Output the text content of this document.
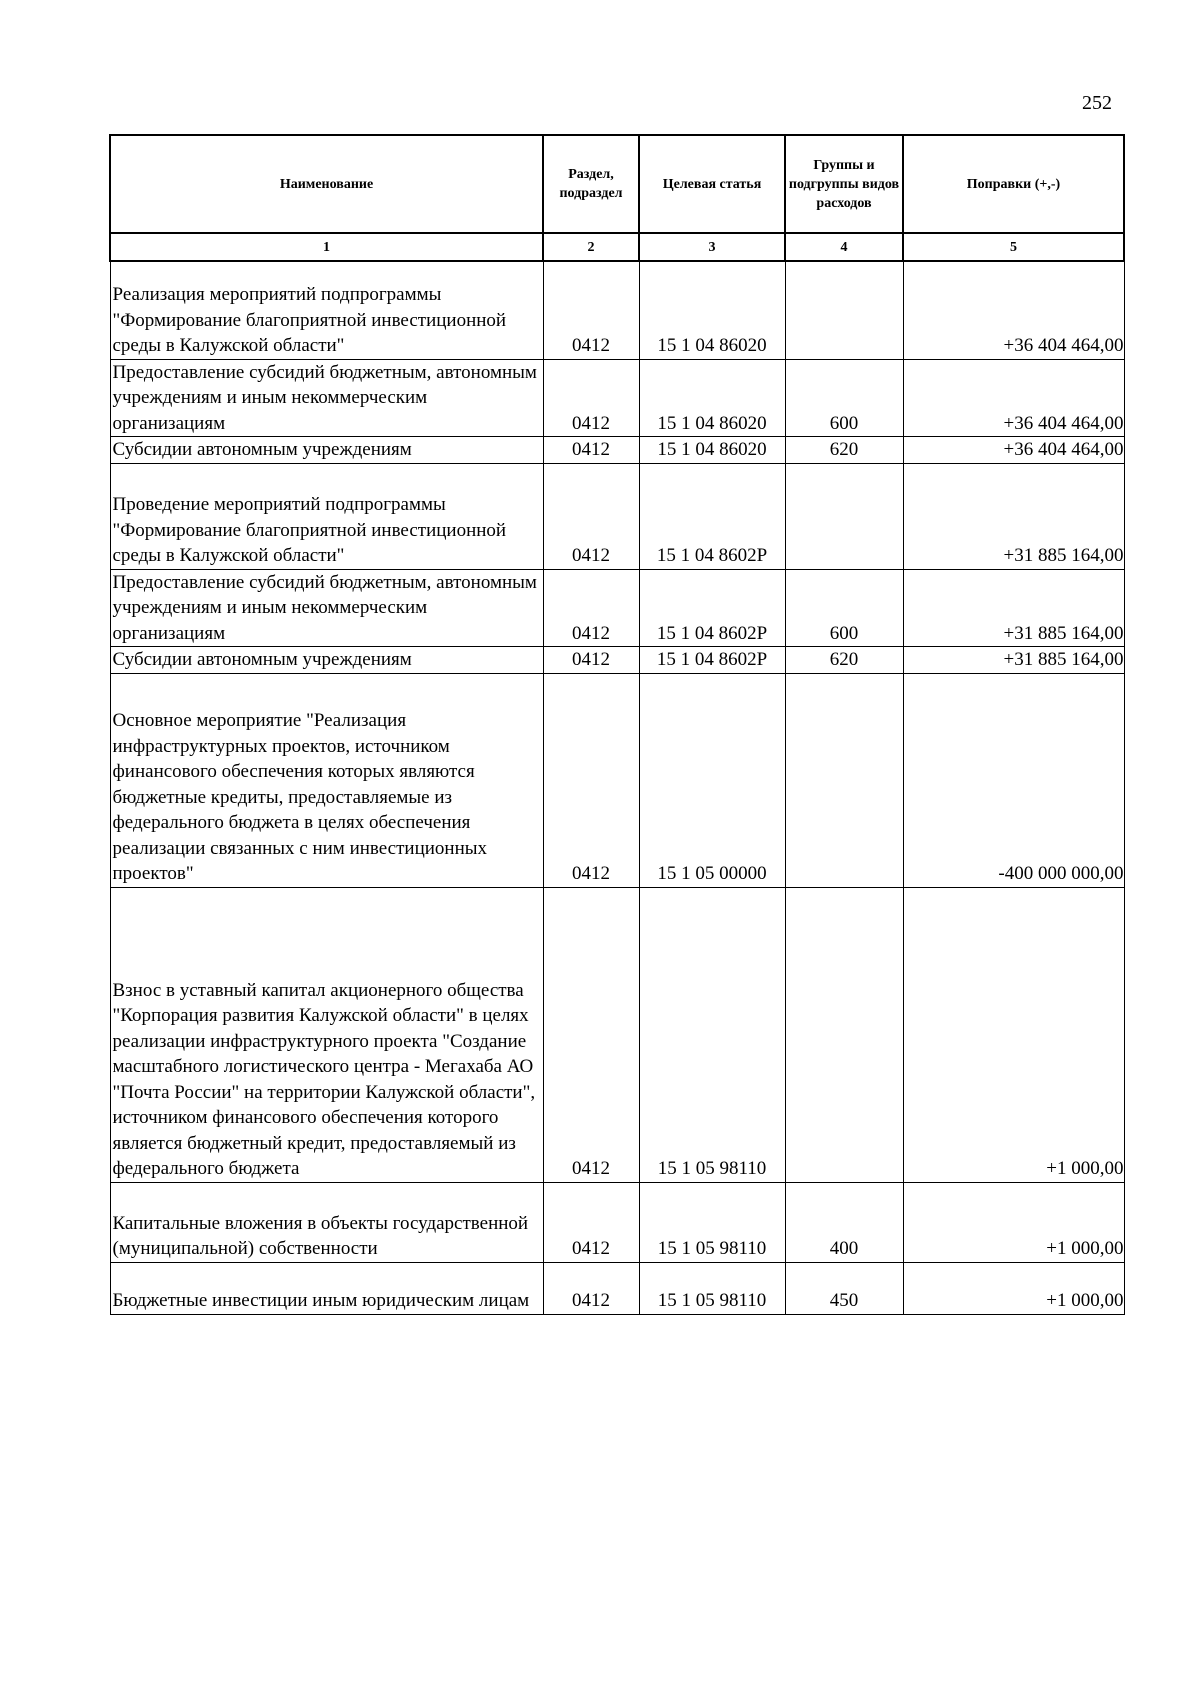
252
Наименование	Раздел, подраздел	Целевая статья	Группы и подгруппы видов расходов	Поправки (+,-)
1	2	3	4	5
Реализация мероприятий подпрограммы "Формирование благоприятной инвестиционной среды в Калужской области"	0412	15 1 04 86020		+36 404 464,00
Предоставление субсидий бюджетным, автономным учреждениям и иным некоммерческим организациям	0412	15 1 04 86020	600	+36 404 464,00
Субсидии автономным учреждениям	0412	15 1 04 86020	620	+36 404 464,00
Проведение мероприятий подпрограммы "Формирование благоприятной инвестиционной среды в Калужской области"	0412	15 1 04 8602P		+31 885 164,00
Предоставление субсидий бюджетным, автономным учреждениям и иным некоммерческим организациям	0412	15 1 04 8602P	600	+31 885 164,00
Субсидии автономным учреждениям	0412	15 1 04 8602P	620	+31 885 164,00
Основное мероприятие "Реализация инфраструктурных проектов, источником финансового обеспечения которых являются бюджетные кредиты, предоставляемые из федерального бюджета в целях обеспечения реализации связанных с ним инвестиционных проектов"	0412	15 1 05 00000		-400 000 000,00
Взнос в уставный капитал акционерного общества "Корпорация развития Калужской области" в целях реализации инфраструктурного проекта "Создание масштабного логистического центра - Мегахаба АО "Почта России" на территории Калужской области", источником финансового обеспечения которого является бюджетный кредит, предоставляемый из федерального бюджета	0412	15 1 05 98110		+1 000,00
Капитальные вложения в объекты государственной (муниципальной) собственности	0412	15 1 05 98110	400	+1 000,00
Бюджетные инвестиции иным юридическим лицам	0412	15 1 05 98110	450	+1 000,00
